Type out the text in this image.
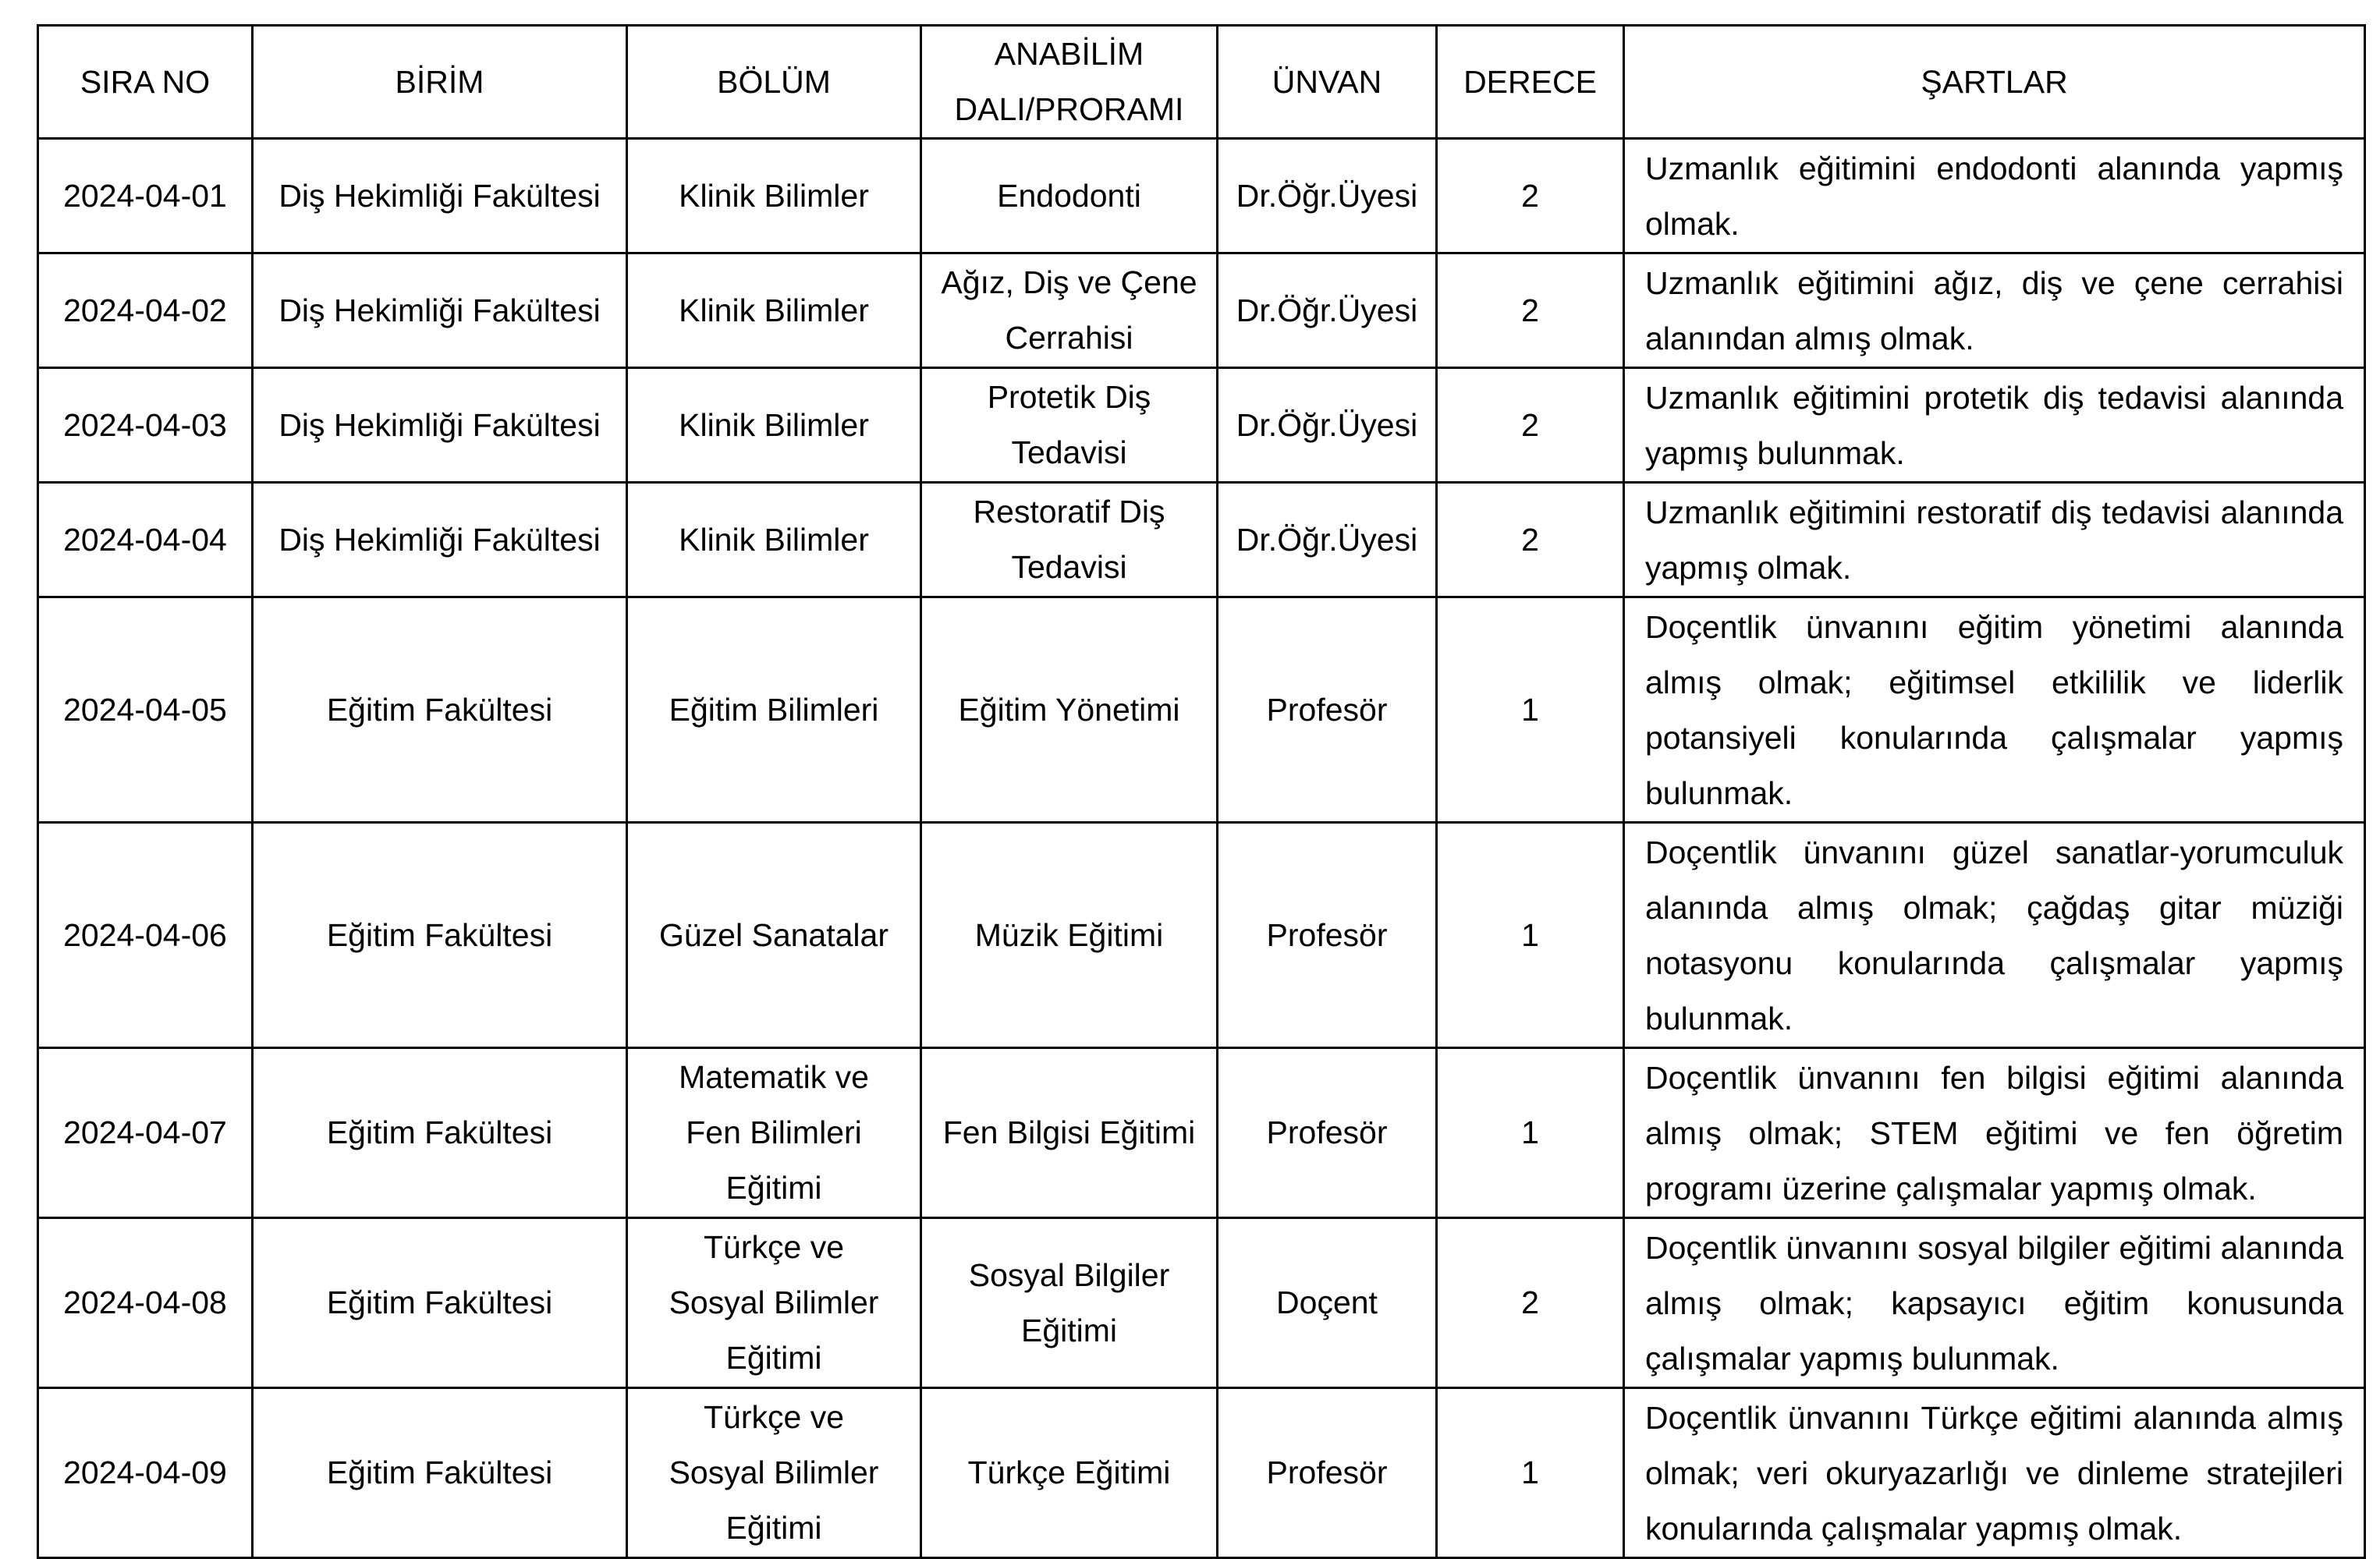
SIRA NO	BİRİM	BÖLÜM	ANABİLİM DALI/PRORAMI	ÜNVAN	DERECE	ŞARTLAR
2024-04-01	Diş Hekimliği Fakültesi	Klinik Bilimler	Endodonti	Dr.Öğr.Üyesi	2	Uzmanlık eğitimini endodonti alanında yapmış olmak.
2024-04-02	Diş Hekimliği Fakültesi	Klinik Bilimler	Ağız, Diş ve Çene Cerrahisi	Dr.Öğr.Üyesi	2	Uzmanlık eğitimini ağız, diş ve çene cerrahisi alanından almış olmak.
2024-04-03	Diş Hekimliği Fakültesi	Klinik Bilimler	Protetik Diş Tedavisi	Dr.Öğr.Üyesi	2	Uzmanlık eğitimini protetik diş tedavisi alanında yapmış bulunmak.
2024-04-04	Diş Hekimliği Fakültesi	Klinik Bilimler	Restoratif Diş Tedavisi	Dr.Öğr.Üyesi	2	Uzmanlık eğitimini restoratif diş tedavisi alanında yapmış olmak.
2024-04-05	Eğitim Fakültesi	Eğitim Bilimleri	Eğitim Yönetimi	Profesör	1	Doçentlik ünvanını eğitim yönetimi alanında almış olmak; eğitimsel etkililik ve liderlik potansiyeli konularında çalışmalar yapmış bulunmak.
2024-04-06	Eğitim Fakültesi	Güzel Sanatalar	Müzik Eğitimi	Profesör	1	Doçentlik ünvanını güzel sanatlar-yorumculuk alanında almış olmak; çağdaş gitar müziği notasyonu konularında çalışmalar yapmış bulunmak.
2024-04-07	Eğitim Fakültesi	Matematik ve Fen Bilimleri Eğitimi	Fen Bilgisi Eğitimi	Profesör	1	Doçentlik ünvanını fen bilgisi eğitimi alanında almış olmak; STEM eğitimi ve fen öğretim programı üzerine çalışmalar yapmış olmak.
2024-04-08	Eğitim Fakültesi	Türkçe ve Sosyal Bilimler Eğitimi	Sosyal Bilgiler Eğitimi	Doçent	2	Doçentlik ünvanını sosyal bilgiler eğitimi alanında almış olmak; kapsayıcı eğitim konusunda çalışmalar yapmış bulunmak.
2024-04-09	Eğitim Fakültesi	Türkçe ve Sosyal Bilimler Eğitimi	Türkçe Eğitimi	Profesör	1	Doçentlik ünvanını Türkçe eğitimi alanında almış olmak; veri okuryazarlığı ve dinleme stratejileri konularında çalışmalar yapmış olmak.
